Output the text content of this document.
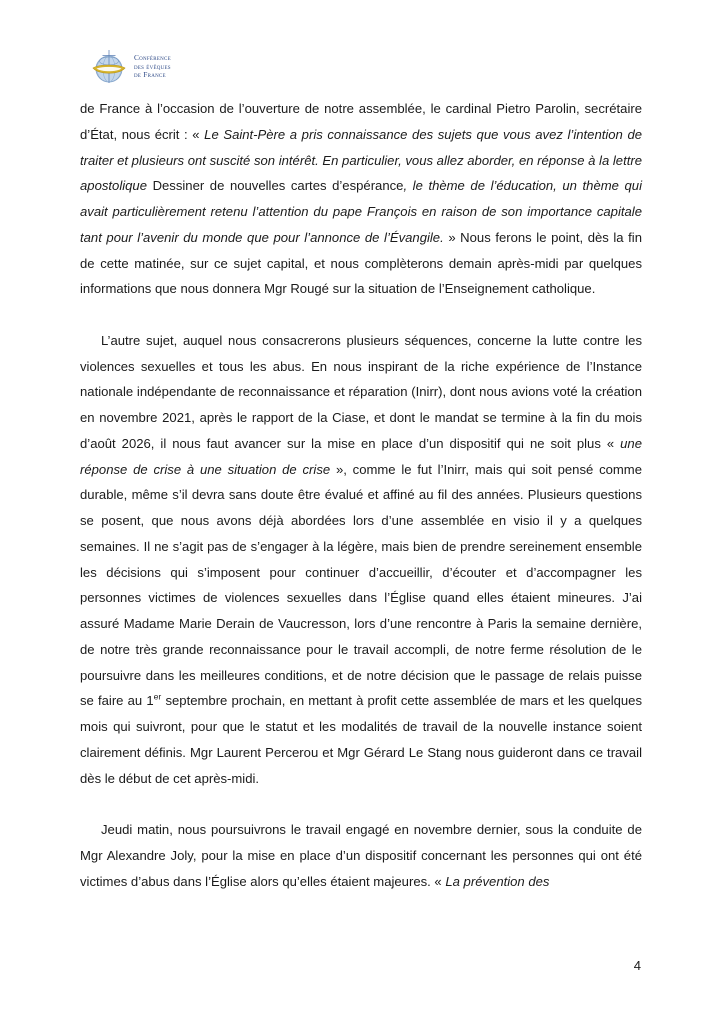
Conférence
des évêques
de France

de France à l’occasion de l’ouverture de notre assemblée, le cardinal Pietro Parolin, secrétaire d’État, nous écrit : « Le Saint-Père a pris connaissance des sujets que vous avez l’intention de traiter et plusieurs ont suscité son intérêt. En particulier, vous allez aborder, en réponse à la lettre apostolique Dessiner de nouvelles cartes d’espérance, le thème de l’éducation, un thème qui avait particulièrement retenu l’attention du pape François en raison de son importance capitale tant pour l’avenir du monde que pour l’annonce de l’Évangile. » Nous ferons le point, dès la fin de cette matinée, sur ce sujet capital, et nous complèterons demain après-midi par quelques informations que nous donnera Mgr Rougé sur la situation de l’Enseignement catholique.

L’autre sujet, auquel nous consacrerons plusieurs séquences, concerne la lutte contre les violences sexuelles et tous les abus. En nous inspirant de la riche expérience de l’Instance nationale indépendante de reconnaissance et réparation (Inirr), dont nous avions voté la création en novembre 2021, après le rapport de la Ciase, et dont le mandat se termine à la fin du mois d’août 2026, il nous faut avancer sur la mise en place d’un dispositif qui ne soit plus « une réponse de crise à une situation de crise », comme le fut l’Inirr, mais qui soit pensé comme durable, même s’il devra sans doute être évalué et affiné au fil des années. Plusieurs questions se posent, que nous avons déjà abordées lors d’une assemblée en visio il y a quelques semaines. Il ne s’agit pas de s’engager à la légère, mais bien de prendre sereinement ensemble les décisions qui s’imposent pour continuer d’accueillir, d’écouter et d’accompagner les personnes victimes de violences sexuelles dans l’Église quand elles étaient mineures. J’ai assuré Madame Marie Derain de Vaucresson, lors d’une rencontre à Paris la semaine dernière, de notre très grande reconnaissance pour le travail accompli, de notre ferme résolution de le poursuivre dans les meilleures conditions, et de notre décision que le passage de relais puisse se faire au 1er septembre prochain, en mettant à profit cette assemblée de mars et les quelques mois qui suivront, pour que le statut et les modalités de travail de la nouvelle instance soient clairement définis. Mgr Laurent Percerou et Mgr Gérard Le Stang nous guideront dans ce travail dès le début de cet après-midi.

Jeudi matin, nous poursuivrons le travail engagé en novembre dernier, sous la conduite de Mgr Alexandre Joly, pour la mise en place d’un dispositif concernant les personnes qui ont été victimes d’abus dans l’Église alors qu’elles étaient majeures. « La prévention des

4
